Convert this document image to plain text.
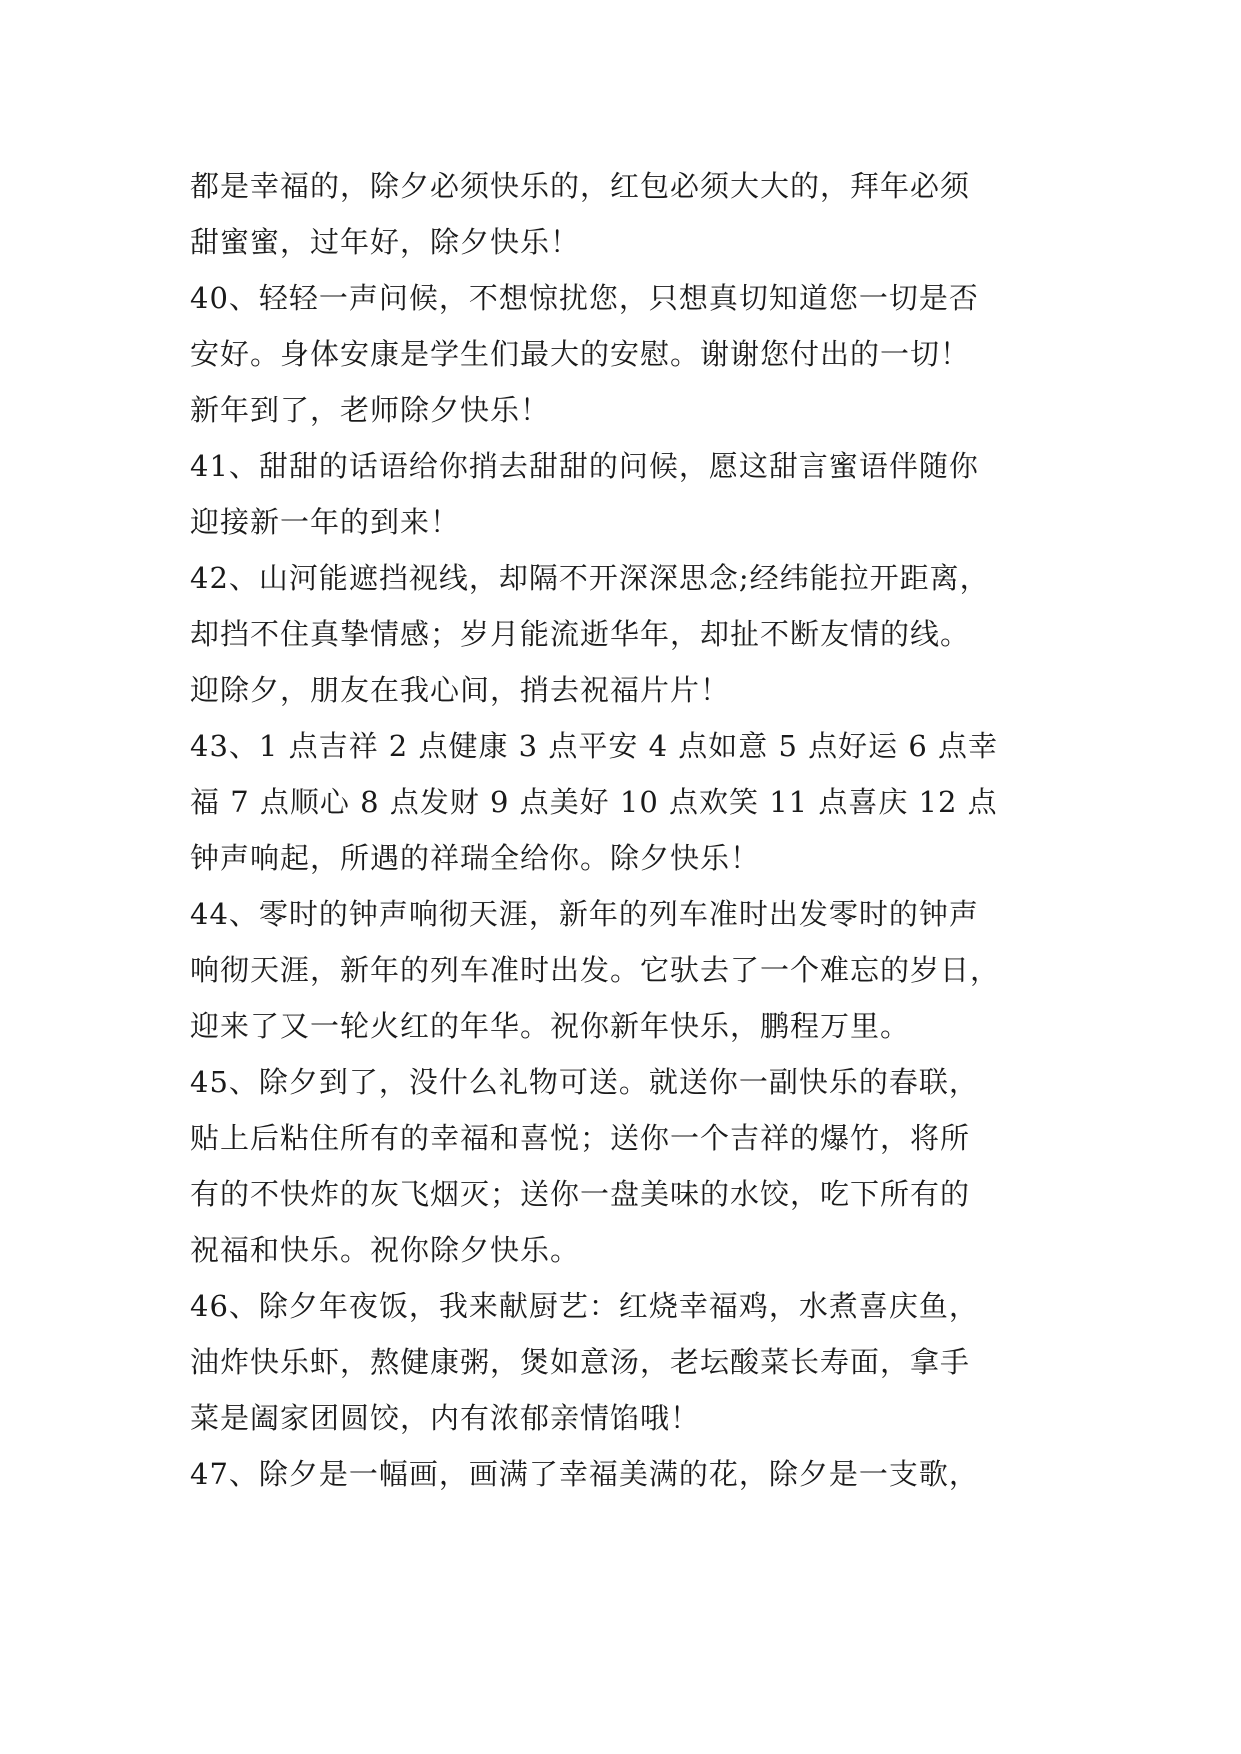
都是幸福的，除夕必须快乐的，红包必须大大的，拜年必须
甜蜜蜜，过年好，除夕快乐！
40、轻轻一声问候，不想惊扰您，只想真切知道您一切是否
安好。身体安康是学生们最大的安慰。谢谢您付出的一切！
新年到了，老师除夕快乐！
41、甜甜的话语给你捎去甜甜的问候，愿这甜言蜜语伴随你
迎接新一年的到来！
42、山河能遮挡视线，却隔不开深深思念;经纬能拉开距离，
却挡不住真挚情感；岁月能流逝华年，却扯不断友情的线。
迎除夕，朋友在我心间，捎去祝福片片！
43、1 点吉祥 2 点健康 3 点平安 4 点如意 5 点好运 6 点幸
福 7 点顺心 8 点发财 9 点美好 10 点欢笑 11 点喜庆 12 点
钟声响起，所遇的祥瑞全给你。除夕快乐！
44、零时的钟声响彻天涯，新年的列车准时出发零时的钟声
响彻天涯，新年的列车准时出发。它驮去了一个难忘的岁日，
迎来了又一轮火红的年华。祝你新年快乐，鹏程万里。
45、除夕到了，没什么礼物可送。就送你一副快乐的春联，
贴上后粘住所有的幸福和喜悦；送你一个吉祥的爆竹，将所
有的不快炸的灰飞烟灭；送你一盘美味的水饺，吃下所有的
祝福和快乐。祝你除夕快乐。
46、除夕年夜饭，我来献厨艺：红烧幸福鸡，水煮喜庆鱼，
油炸快乐虾，熬健康粥，煲如意汤，老坛酸菜长寿面，拿手
菜是阖家团圆饺，内有浓郁亲情馅哦！
47、除夕是一幅画，画满了幸福美满的花，除夕是一支歌，
